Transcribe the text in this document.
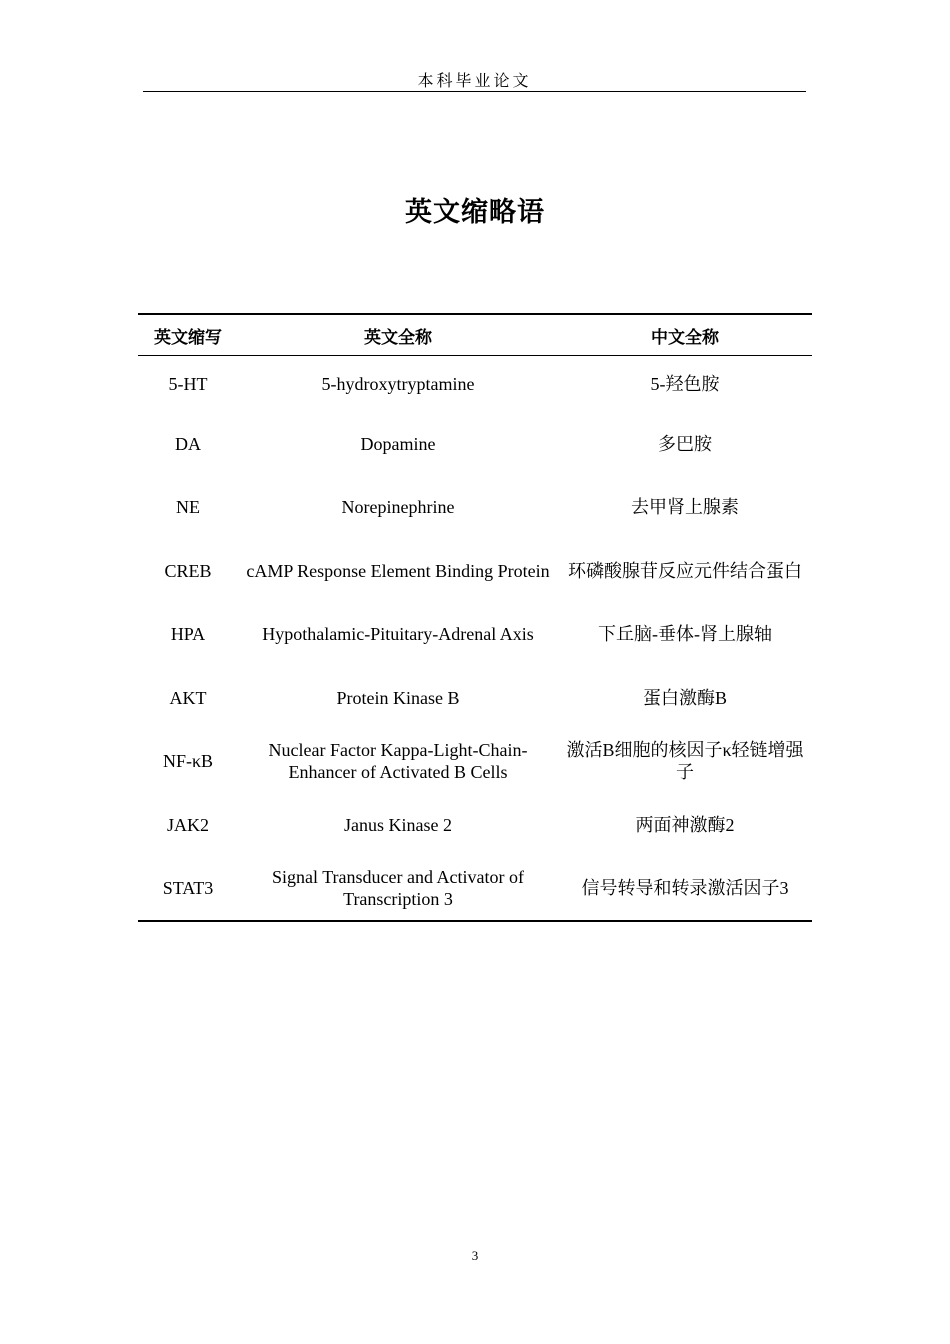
本科毕业论文
英文缩略语
英文缩写	英文全称	中文全称
5-HT	5-hydroxytryptamine	5-羟色胺
DA	Dopamine	多巴胺
NE	Norepinephrine	去甲肾上腺素
CREB	cAMP Response Element Binding Protein	环磷酸腺苷反应元件结合蛋白
HPA	Hypothalamic-Pituitary-Adrenal Axis	下丘脑-垂体-肾上腺轴
AKT	Protein Kinase B	蛋白激酶B
NF-κB	Nuclear Factor Kappa-Light-Chain-Enhancer of Activated B Cells	激活B细胞的核因子κ轻链增强子
JAK2	Janus Kinase 2	两面神激酶2
STAT3	Signal Transducer and Activator of Transcription 3	信号转导和转录激活因子3
3
